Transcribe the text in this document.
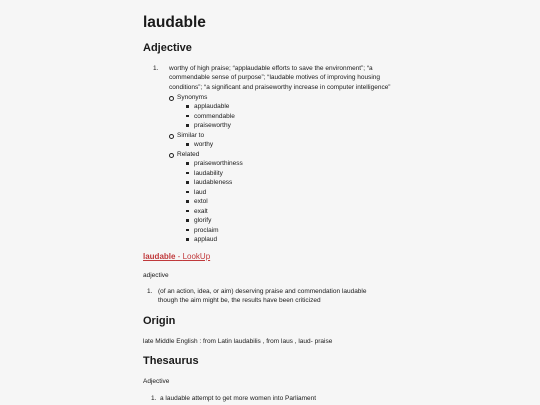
laudable
Adjective
1. worthy of high praise; “applaudable efforts to save the environment”; “a
commendable sense of purpose”; “laudable motives of improving housing
conditions”; “a significant and praiseworthy increase in computer intelligence”
Synonyms
applaudable
commendable
praiseworthy
Similar to
worthy
Related
praiseworthiness
laudability
laudableness
laud
extol
exalt
glorify
proclaim
applaud
laudable - LookUp
adjective
1. (of an action, idea, or aim) deserving praise and commendation laudable
though the aim might be, the results have been criticized
Origin
late Middle English : from Latin laudabilis , from laus , laud- praise
Thesaurus
Adjective
1. a laudable attempt to get more women into Parliament
